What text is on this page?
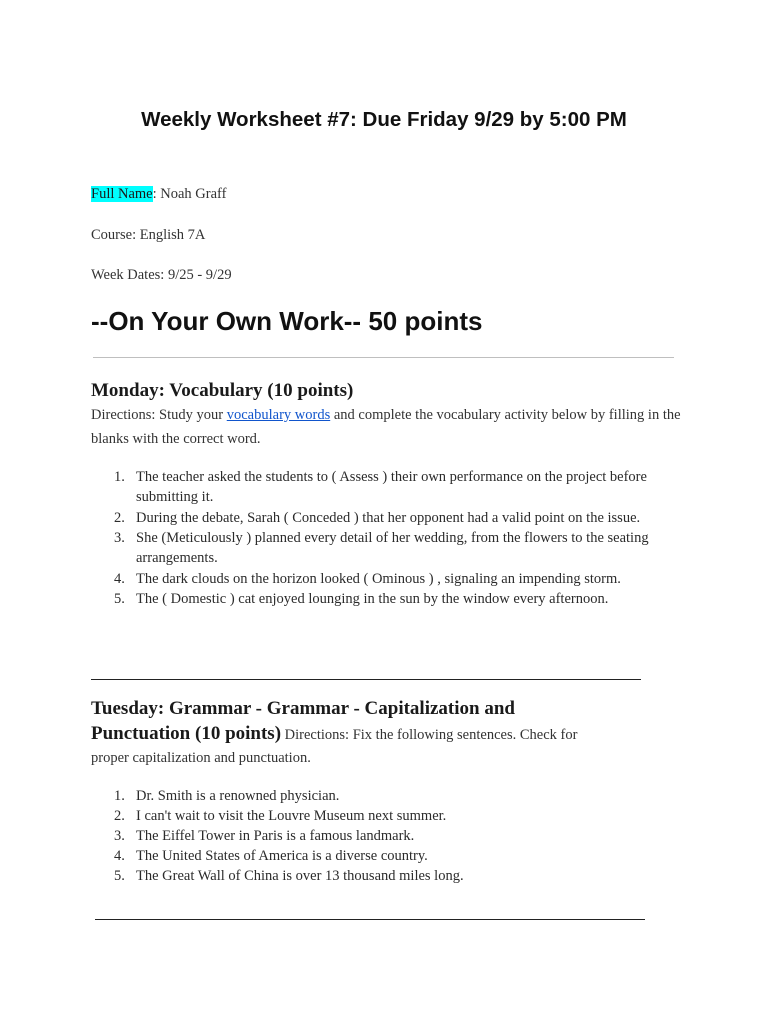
Weekly Worksheet #7: Due Friday 9/29 by 5:00 PM
Full Name: Noah Graff
Course: English 7A
Week Dates: 9/25 - 9/29
--On Your Own Work-- 50 points
Monday: Vocabulary (10 points)
Directions: Study your vocabulary words and complete the vocabulary activity below by filling in the blanks with the correct word.
1. The teacher asked the students to ( Assess ) their own performance on the project before submitting it.
2. During the debate, Sarah ( Conceded ) that her opponent had a valid point on the issue.
3. She (Meticulously ) planned every detail of her wedding, from the flowers to the seating arrangements.
4. The dark clouds on the horizon looked ( Ominous ) , signaling an impending storm.
5. The ( Domestic ) cat enjoyed lounging in the sun by the window every afternoon.
Tuesday: Grammar - Grammar - Capitalization and
Punctuation (10 points) Directions: Fix the following sentences. Check for
proper capitalization and punctuation.
1. Dr. Smith is a renowned physician.
2. I can't wait to visit the Louvre Museum next summer.
3. The Eiffel Tower in Paris is a famous landmark.
4. The United States of America is a diverse country.
5. The Great Wall of China is over 13 thousand miles long.
